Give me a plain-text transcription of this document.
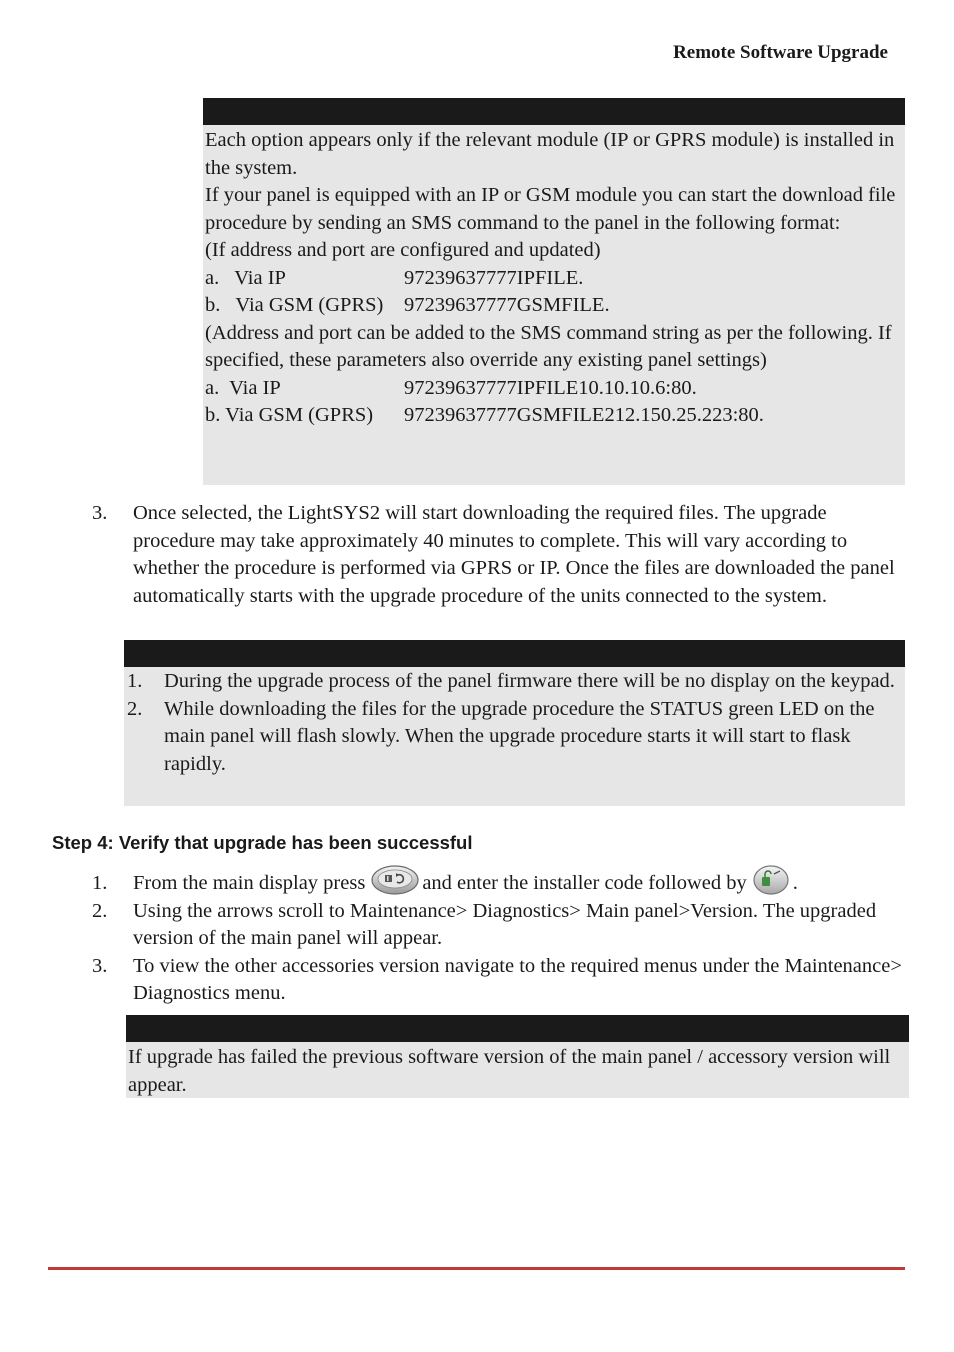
Remote Software Upgrade
Each option appears only if the relevant module (IP or GPRS module) is installed in the system.
If your panel is equipped with an IP or GSM module you can start the download file procedure by sending an SMS command to the panel in the following format:
(If address and port are configured and updated)
a.   Via IP	97239637777IPFILE.
b.   Via GSM (GPRS)	97239637777GSMFILE.
(Address and port can be added to the SMS command string as per the following. If specified, these parameters also override any existing panel settings)
a.  Via IP	97239637777IPFILE10.10.10.6:80.
b. Via GSM (GPRS)	97239637777GSMFILE212.150.25.223:80.
3.	Once selected, the LightSYS2 will start downloading the required files. The upgrade procedure may take approximately 40 minutes to complete. This will vary according to whether the procedure is performed via GPRS or IP. Once the files are downloaded the panel automatically starts with the upgrade procedure of the units connected to the system.
1.	During the upgrade process of the panel firmware there will be no display on the keypad.
2.	While downloading the files for the upgrade procedure the STATUS green LED on the main panel will flash slowly. When the upgrade procedure starts it will start to flask rapidly.
Step 4: Verify that upgrade has been successful
1.	From the main display press	and enter the installer code followed by .
2.	Using the arrows scroll to Maintenance> Diagnostics> Main panel>Version. The upgraded version of the main panel will appear.
3.	To view the other accessories version navigate to the required menus under the Maintenance> Diagnostics menu.
If upgrade has failed the previous software version of the main panel / accessory version will appear.
